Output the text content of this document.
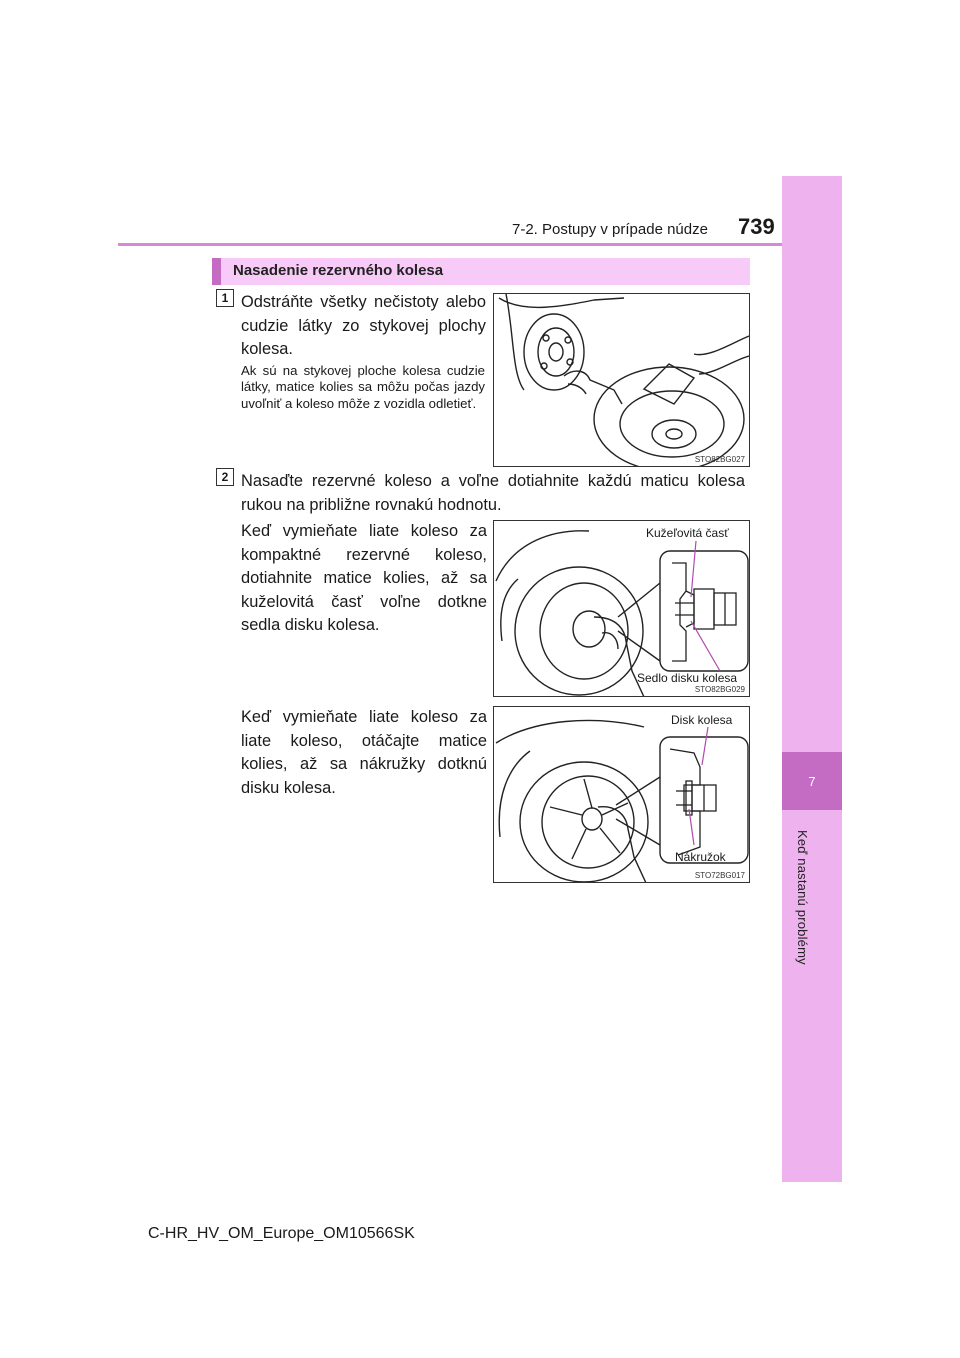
7
Keď nastanú problémy
7-2. Postupy v prípade núdze 739
Nasadenie rezervného kolesa
1 Odstráňte všetky nečistoty alebo cudzie látky zo stykovej plochy kolesa.
Ak sú na stykovej ploche kolesa cudzie látky, matice kolies sa môžu počas jazdy uvoľniť a koleso môže z vozidla odletieť.
STO82BG027
2 Nasaďte rezervné koleso a voľne dotiahnite každú maticu kolesa rukou na približne rovnakú hodnotu.
Keď vymieňate liate koleso za kompaktné rezervné koleso, dotiahnite matice kolies, až sa kuželovitá časť voľne dotkne sedla disku kolesa.
Kužeľovitá časť
Sedlo disku kolesa
STO82BG029
Keď vymieňate liate koleso za liate koleso, otáčajte matice kolies, až sa nákružky dotknú disku kolesa.
Disk kolesa
Nákružok
STO72BG017
C-HR_HV_OM_Europe_OM10566SK
